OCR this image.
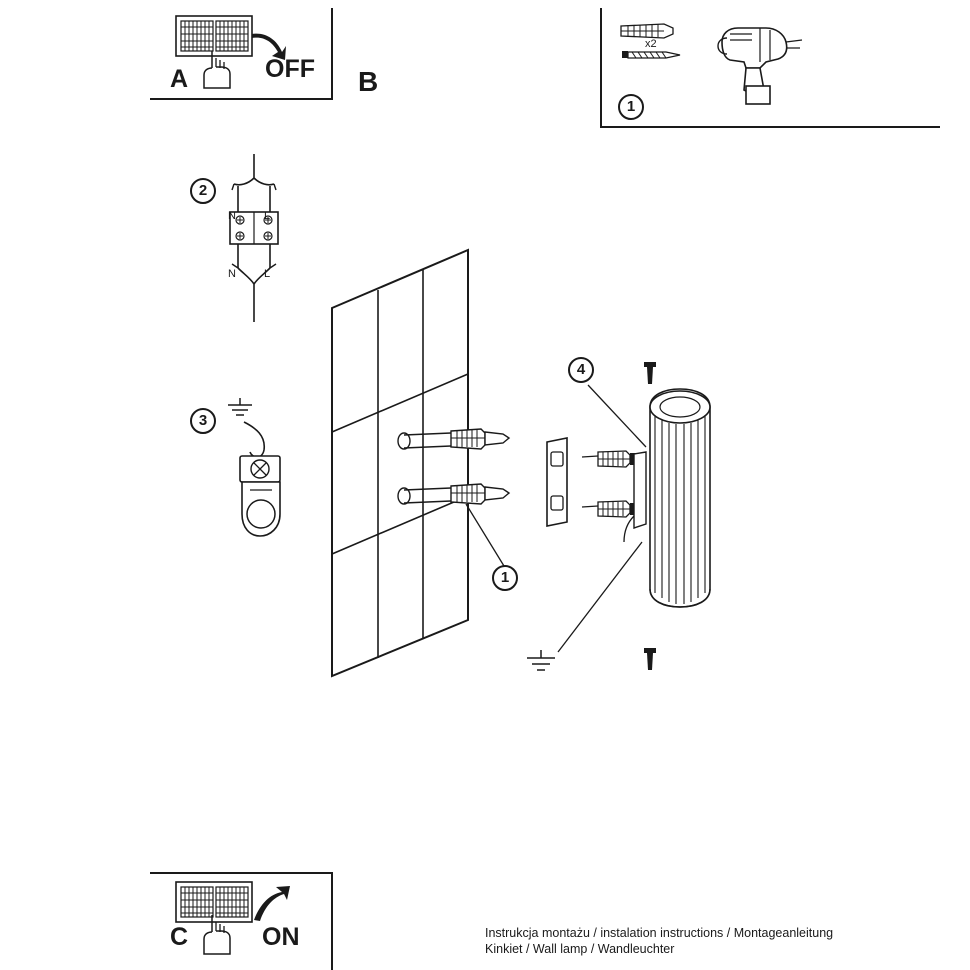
A	OFF B
1
x2
2
N	L
N	L
3
1
4
C	ON	Instrukcja montażu / instalation instructions / Montageanleitung
Kinkiet / Wall lamp / Wandleuchter
